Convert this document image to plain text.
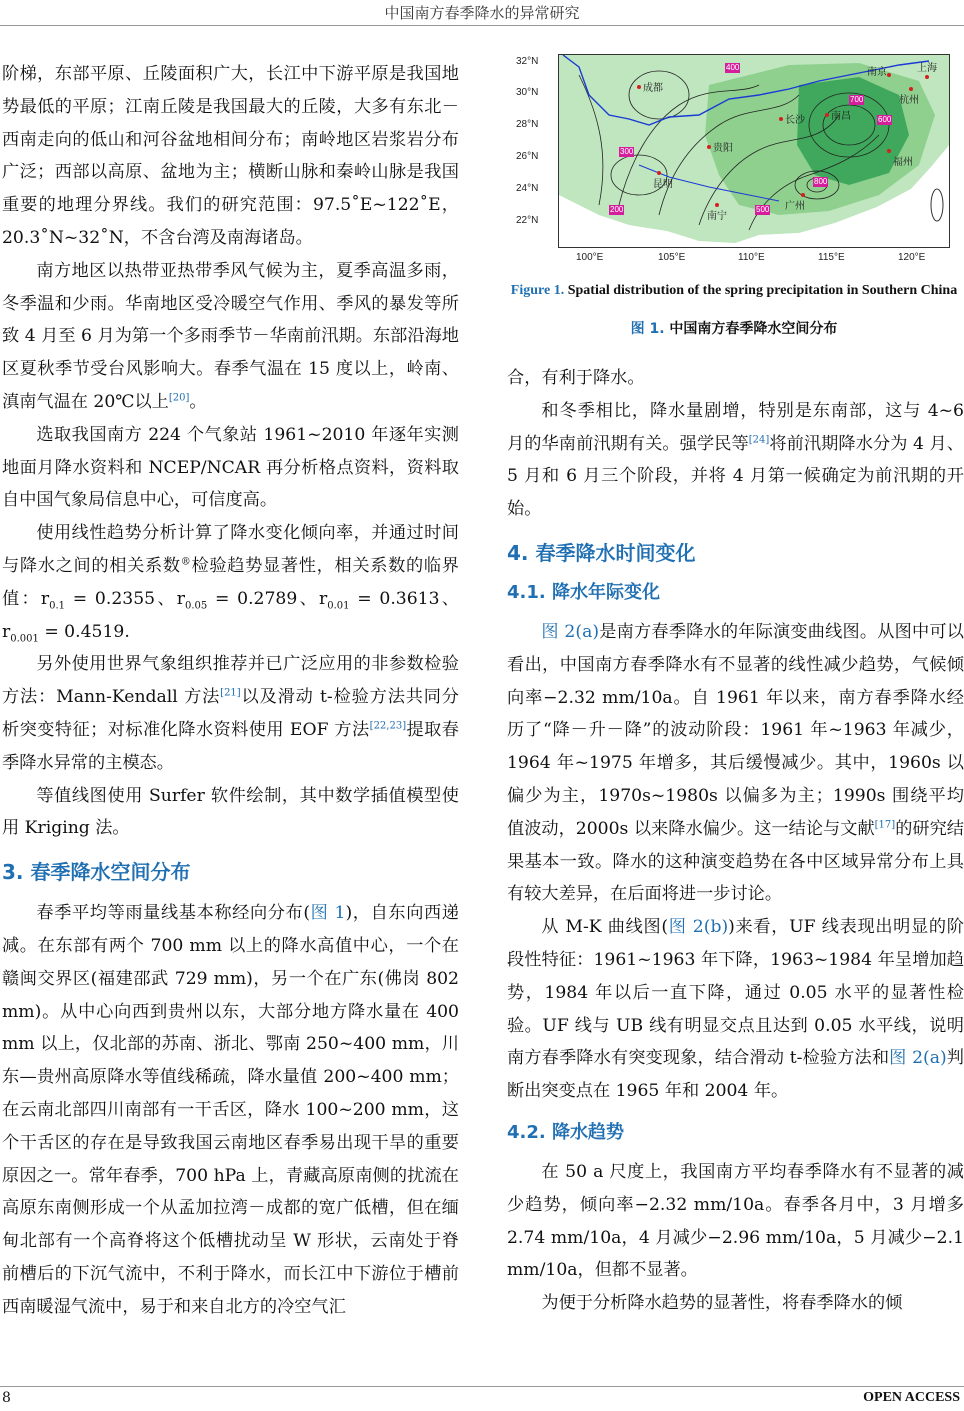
中国南方春季降水的异常研究

阶梯，东部平原、丘陵面积广大，长江中下游平原是我国地势最低的平原；江南丘陵是我国最大的丘陵，大多有东北－西南走向的低山和河谷盆地相间分布；南岭地区岩浆岩分布广泛；西部以高原、盆地为主；横断山脉和秦岭山脉是我国重要的地理分界线。我们的研究范围：97.5˚E~122˚E，20.3˚N~32˚N，不含台湾及南海诸岛。

南方地区以热带亚热带季风气候为主，夏季高温多雨，冬季温和少雨。华南地区受冷暖空气作用、季风的暴发等所致 4 月至 6 月为第一个多雨季节－华南前汛期。东部沿海地区夏秋季节受台风影响大。春季气温在 15 度以上，岭南、滇南气温在 20℃以上[20]。

选取我国南方 224 个气象站 1961~2010 年逐年实测地面月降水资料和 NCEP/NCAR 再分析格点资料，资料取自中国气象局信息中心，可信度高。

使用线性趋势分析计算了降水变化倾向率，并通过时间与降水之间的相关系数®检验趋势显著性，相关系数的临界值：$r_{0.1} = 0.2355$、$r_{0.05} = 0.2789$、$r_{0.01} = 0.3613$、$r_{0.001} = 0.4519$.

另外使用世界气象组织推荐并已广泛应用的非参数检验方法：Mann-Kendall 方法[21]以及滑动 t-检验方法共同分析突变特征；对标准化降水资料使用 EOF 方法[22,23]提取春季降水异常的主模态。

等值线图使用 Surfer 软件绘制，其中数学插值模型使用 Kriging 法。

3. 春季降水空间分布

春季平均等雨量线基本称经向分布(图 1)，自东向西递减。在东部有两个 700 mm 以上的降水高值中心，一个在赣闽交界区(福建邵武 729 mm)，另一个在广东(佛岗 802 mm)。从中心向西到贵州以东，大部分地方降水量在 400 mm 以上，仅北部的苏南、浙北、鄂南 250~400 mm，川东—贵州高原降水等值线稀疏，降水量值 200~400 mm；在云南北部四川南部有一干舌区，降水 100~200 mm，这个干舌区的存在是导致我国云南地区春季易出现干旱的重要原因之一。常年春季，700 hPa 上，青藏高原南侧的扰流在高原东南侧形成一个从孟加拉湾－成都的宽广低槽，但在缅甸北部有一个高脊将这个低槽扰动呈 W 形状，云南处于脊前槽后的下沉气流中，不利于降水，而长江中下游位于槽前西南暖湿气流中，易于和来自北方的冷空气汇

32°N
30°N
28°N
26°N
24°N
22°N
成都
贵阳
昆明
南宁
长沙	南昌
福州
广州
南京
杭州
上海
200
300
400
500
600
700
800
100°E	105°E	110°E	115°E	120°E
Figure 1. Spatial distribution of the spring precipitation in Southern China
图 1. 中国南方春季降水空间分布

合，有利于降水。

和冬季相比，降水量剧增，特别是东南部，这与 4~6 月的华南前汛期有关。强学民等[24]将前汛期降水分为 4 月、5 月和 6 月三个阶段，并将 4 月第一候确定为前汛期的开始。

4. 春季降水时间变化
4.1. 降水年际变化

图 2(a)是南方春季降水的年际演变曲线图。从图中可以看出，中国南方春季降水有不显著的线性减少趋势，气候倾向率−2.32 mm/10a。自 1961 年以来，南方春季降水经历了“降－升－降”的波动阶段：1961 年~1963 年减少，1964 年~1975 年增多，其后缓慢减少。其中，1960s 以偏少为主，1970s~1980s 以偏多为主；1990s 围绕平均值波动，2000s 以来降水偏少。这一结论与文献[17]的研究结果基本一致。降水的这种演变趋势在各中区域异常分布上具有较大差异，在后面将进一步讨论。

从 M-K 曲线图(图 2(b))来看，UF 线表现出明显的阶段性特征：1961~1963 年下降，1963~1984 年呈增加趋势，1984 年以后一直下降，通过 0.05 水平的显著性检验。UF 线与 UB 线有明显交点且达到 0.05 水平线，说明南方春季降水有突变现象，结合滑动 t-检验方法和图 2(a)判断出突变点在 1965 年和 2004 年。

4.2. 降水趋势

在 50 a 尺度上，我国南方平均春季降水有不显著的减少趋势，倾向率−2.32 mm/10a。春季各月中，3 月增多 2.74 mm/10a，4 月减少−2.96 mm/10a，5 月减少−2.1 mm/10a，但都不显著。

为便于分析降水趋势的显著性，将春季降水的倾

8	OPEN ACCESS
